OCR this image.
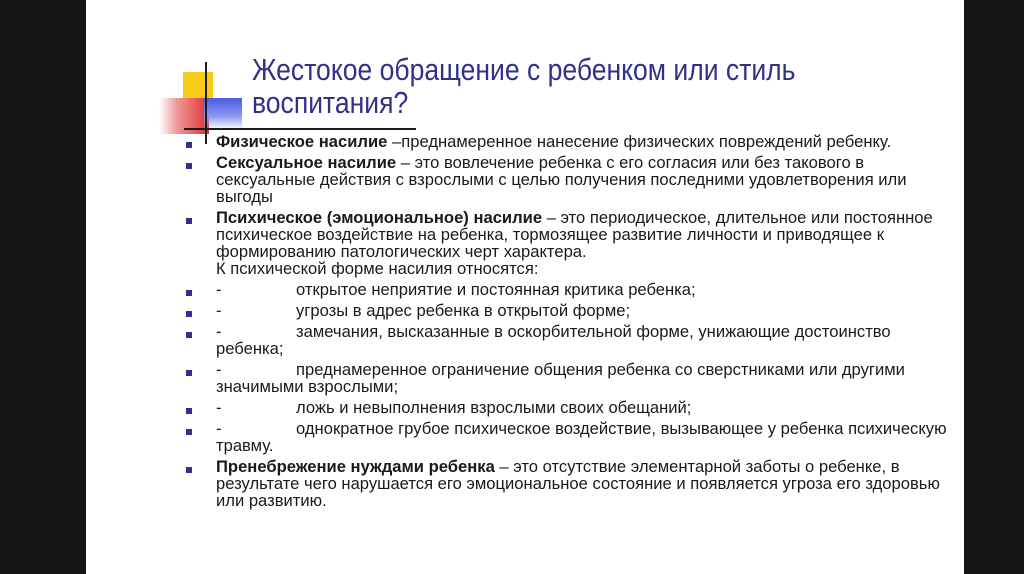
Жестокое обращение с ребенком или стиль воспитания?
Физическое насилие –преднамеренное нанесение физических повреждений ребенку.
Сексуальное насилие – это вовлечение ребенка с его согласия или без такового в сексуальные действия с взрослыми с целью получения последними удовлетворения или выгоды
Психическое (эмоциональное) насилие – это периодическое, длительное или постоянное психическое воздействие на ребенка, тормозящее развитие личности и приводящее к формированию патологических черт характера.
К психической форме насилия относятся:
-	открытое неприятие и постоянная критика ребенка;
-	угрозы в адрес ребенка в открытой форме;
-	замечания, высказанные в оскорбительной форме, унижающие достоинство ребенка;
-	преднамеренное ограничение общения ребенка со сверстниками или другими значимыми взрослыми;
-	ложь и невыполнения взрослыми своих обещаний;
-	однократное грубое психическое воздействие, вызывающее у ребенка психическую травму.
Пренебрежение нуждами ребенка – это отсутствие элементарной заботы о ребенке, в результате чего нарушается его эмоциональное состояние и появляется угроза его здоровью или развитию.
